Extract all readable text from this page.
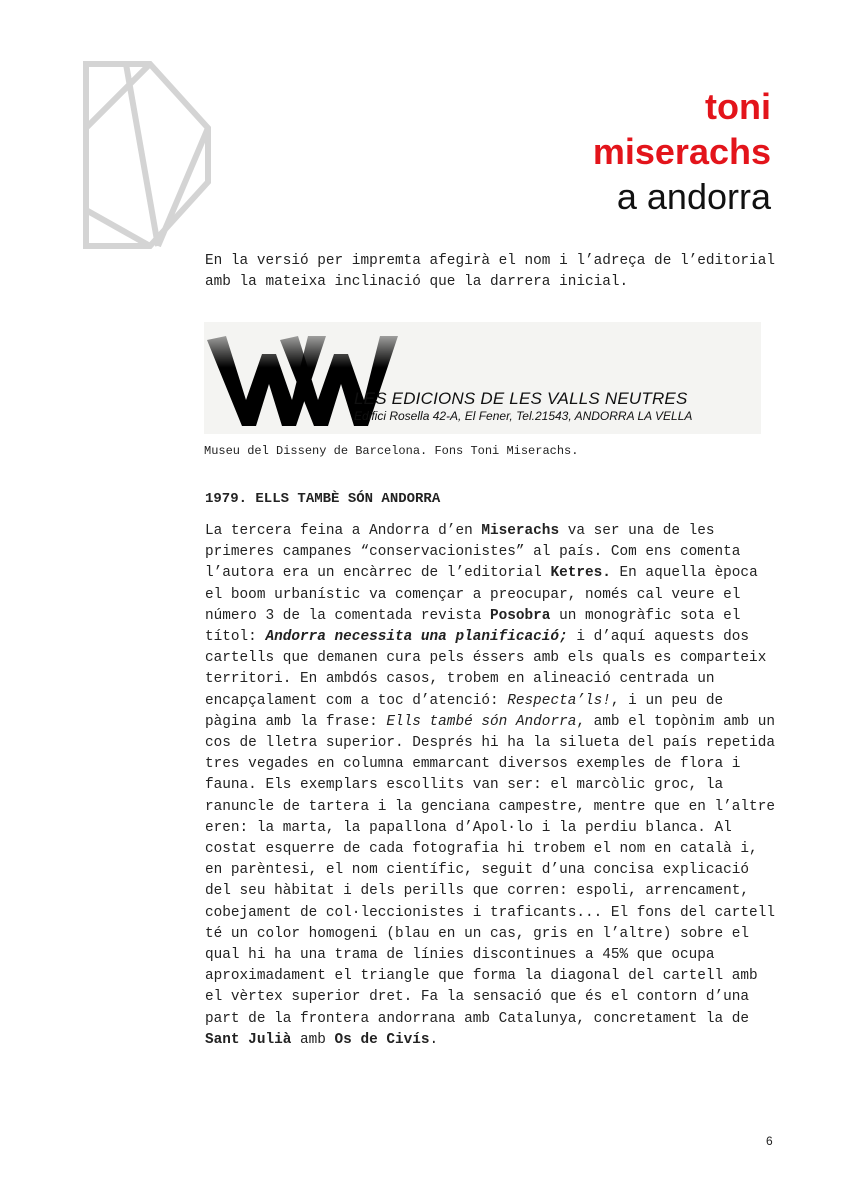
toni
miserachs
a andorra

En la versió per impremta afegirà el nom i l’adreça de l’editorial amb la mateixa inclinació que la darrera inicial.

LES EDICIONS DE LES VALLS NEUTRES
Edifici Rosella 42-A, El Fener, Tel.21543, ANDORRA LA VELLA

Museu del Disseny de Barcelona. Fons Toni Miserachs.

1979. ELLS TAMBÈ SÓN ANDORRA

La tercera feina a Andorra d’en Miserachs va ser una de les primeres campanes “conservacionistes” al país. Com ens comenta l’autora era un encàrrec de l’editorial Ketres. En aquella època el boom urbanístic va començar a preocupar, només cal veure el número 3 de la comentada revista Posobra un monogràfic sota el títol: Andorra necessita una planificació; i d’aquí aquests dos cartells que demanen cura pels éssers amb els quals es comparteix territori. En ambdós casos, trobem en alineació centrada un encapçalament com a toc d’atenció: Respecta’ls!, i un peu de pàgina amb la frase: Ells també són Andorra, amb el topònim amb un cos de lletra superior. Després hi ha la silueta del país repetida tres vegades en columna emmarcant diversos exemples de flora i fauna. Els exemplars escollits van ser: el marcòlic groc, la ranuncle de tartera i la genciana campestre, mentre que en l’altre eren: la marta, la papallona d’Apol·lo i la perdiu blanca. Al costat esquerre de cada fotografia hi trobem el nom en català i, en parèntesi, el nom científic, seguit d’una concisa explicació del seu hàbitat i dels perills que corren: espoli, arrencament, cobejament de col·leccionistes i traficants... El fons del cartell té un color homogeni (blau en un cas, gris en l’altre) sobre el qual hi ha una trama de línies discontinues a 45% que ocupa aproximadament el triangle que forma la diagonal del cartell amb el vèrtex superior dret. Fa la sensació que és el contorn d’una part de la frontera andorrana amb Catalunya, concretament la de Sant Julià amb Os de Civís.

6
